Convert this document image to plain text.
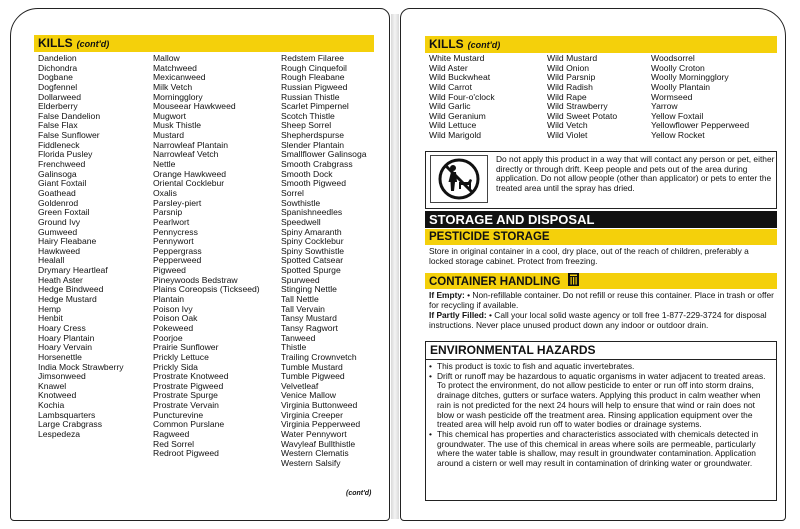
KILLS (cont'd)
Dandelion
Dichondra
Dogbane
Dogfennel
Dollarweed
Elderberry
False Dandelion
False Flax
False Sunflower
Fiddleneck
Florida Pusley
Frenchweed
Galinsoga
Giant Foxtail
Goathead
Goldenrod
Green Foxtail
Ground Ivy
Gumweed
Hairy Fleabane
Hawkweed
Healall
Drymary Heartleaf
Heath Aster
Hedge Bindweed
Hedge Mustard
Hemp
Henbit
Hoary Cress
Hoary Plantain
Hoary Vervain
Horsenettle
India Mock Strawberry
Jimsonweed
Knawel
Knotweed
Kochia
Lambsquarters
Large Crabgrass
Lespedeza
Mallow
Matchweed
Mexicanweed
Milk Vetch
Morningglory
Mouseear Hawkweed
Mugwort
Musk Thistle
Mustard
Narrowleaf Plantain
Narrowleaf Vetch
Nettle
Orange Hawkweed
Oriental Cocklebur
Oxalis
Parsley-piert
Parsnip
Pearlwort
Pennycress
Pennywort
Peppergrass
Pepperweed
Pigweed
Pineywoods Bedstraw
Plains Coreopsis (Tickseed)
Plantain
Poison Ivy
Poison Oak
Pokeweed
Poorjoe
Prairie Sunflower
Prickly Lettuce
Prickly Sida
Prostrate Knotweed
Prostrate Pigweed
Prostrate Spurge
Prostrate Vervain
Puncturevine
Common Purslane
Ragweed
Red Sorrel
Redroot Pigweed
Redstem Filaree
Rough Cinquefoil
Rough Fleabane
Russian Pigweed
Russian Thistle
Scarlet Pimpernel
Scotch Thistle
Sheep Sorrel
Shepherdspurse
Slender Plantain
Smallflower Galinsoga
Smooth Crabgrass
Smooth Dock
Smooth Pigweed
Sorrel
Sowthistle
Spanishneedles
Speedwell
Spiny Amaranth
Spiny Cocklebur
Spiny Sowthistle
Spotted Catsear
Spotted Spurge
Spurweed
Stinging Nettle
Tall Nettle
Tall Vervain
Tansy Mustard
Tansy Ragwort
Tanweed
Thistle
Trailing Crownvetch
Tumble Mustard
Tumble Pigweed
Velvetleaf
Venice Mallow
Virginia Buttonweed
Virginia Creeper
Virginia Pepperweed
Water Pennywort
Wavyleaf Bullthistle
Western Clematis
Western Salsify
(cont'd)
KILLS (cont'd)
White Mustard
Wild Aster
Wild Buckwheat
Wild Carrot
Wild Four-o'clock
Wild Garlic
Wild Geranium
Wild Lettuce
Wild Marigold
Wild Mustard
Wild Onion
Wild Parsnip
Wild Radish
Wild Rape
Wild Strawberry
Wild Sweet Potato
Wild Vetch
Wild Violet
Woodsorrel
Woolly Croton
Woolly Morningglory
Woolly Plantain
Wormseed
Yarrow
Yellow Foxtail
Yellowflower Pepperweed
Yellow Rocket
Do not apply this product in a way that will contact any person or pet, either directly or through drift. Keep people and pets out of the area during application. Do not allow people (other than applicator) or pets to enter the treated area until the spray has dried.
STORAGE AND DISPOSAL
PESTICIDE STORAGE
Store in original container in a cool, dry place, out of the reach of children, preferably a locked storage cabinet. Protect from freezing.
CONTAINER HANDLING
If Empty: • Non-refillable container. Do not refill or reuse this container. Place in trash or offer for recycling if available.
If Partly Filled: • Call your local solid waste agency or toll free 1-877-229-3724 for disposal instructions. Never place unused product down any indoor or outdoor drain.
ENVIRONMENTAL HAZARDS
• This product is toxic to fish and aquatic invertebrates.
• Drift or runoff may be hazardous to aquatic organisms in water adjacent to treated areas. To protect the environment, do not allow pesticide to enter or run off into storm drains, drainage ditches, gutters or surface waters. Applying this product in calm weather when rain is not predicted for the next 24 hours will help to ensure that wind or rain does not blow or wash pesticide off the treatment area. Rinsing application equipment over the treated area will help avoid run off to water bodies or drainage systems.
• This chemical has properties and characteristics associated with chemicals detected in groundwater. The use of this chemical in areas where soils are permeable, particularly where the water table is shallow, may result in groundwater contamination. Application around a cistern or well may result in contamination of drinking water or groundwater.
